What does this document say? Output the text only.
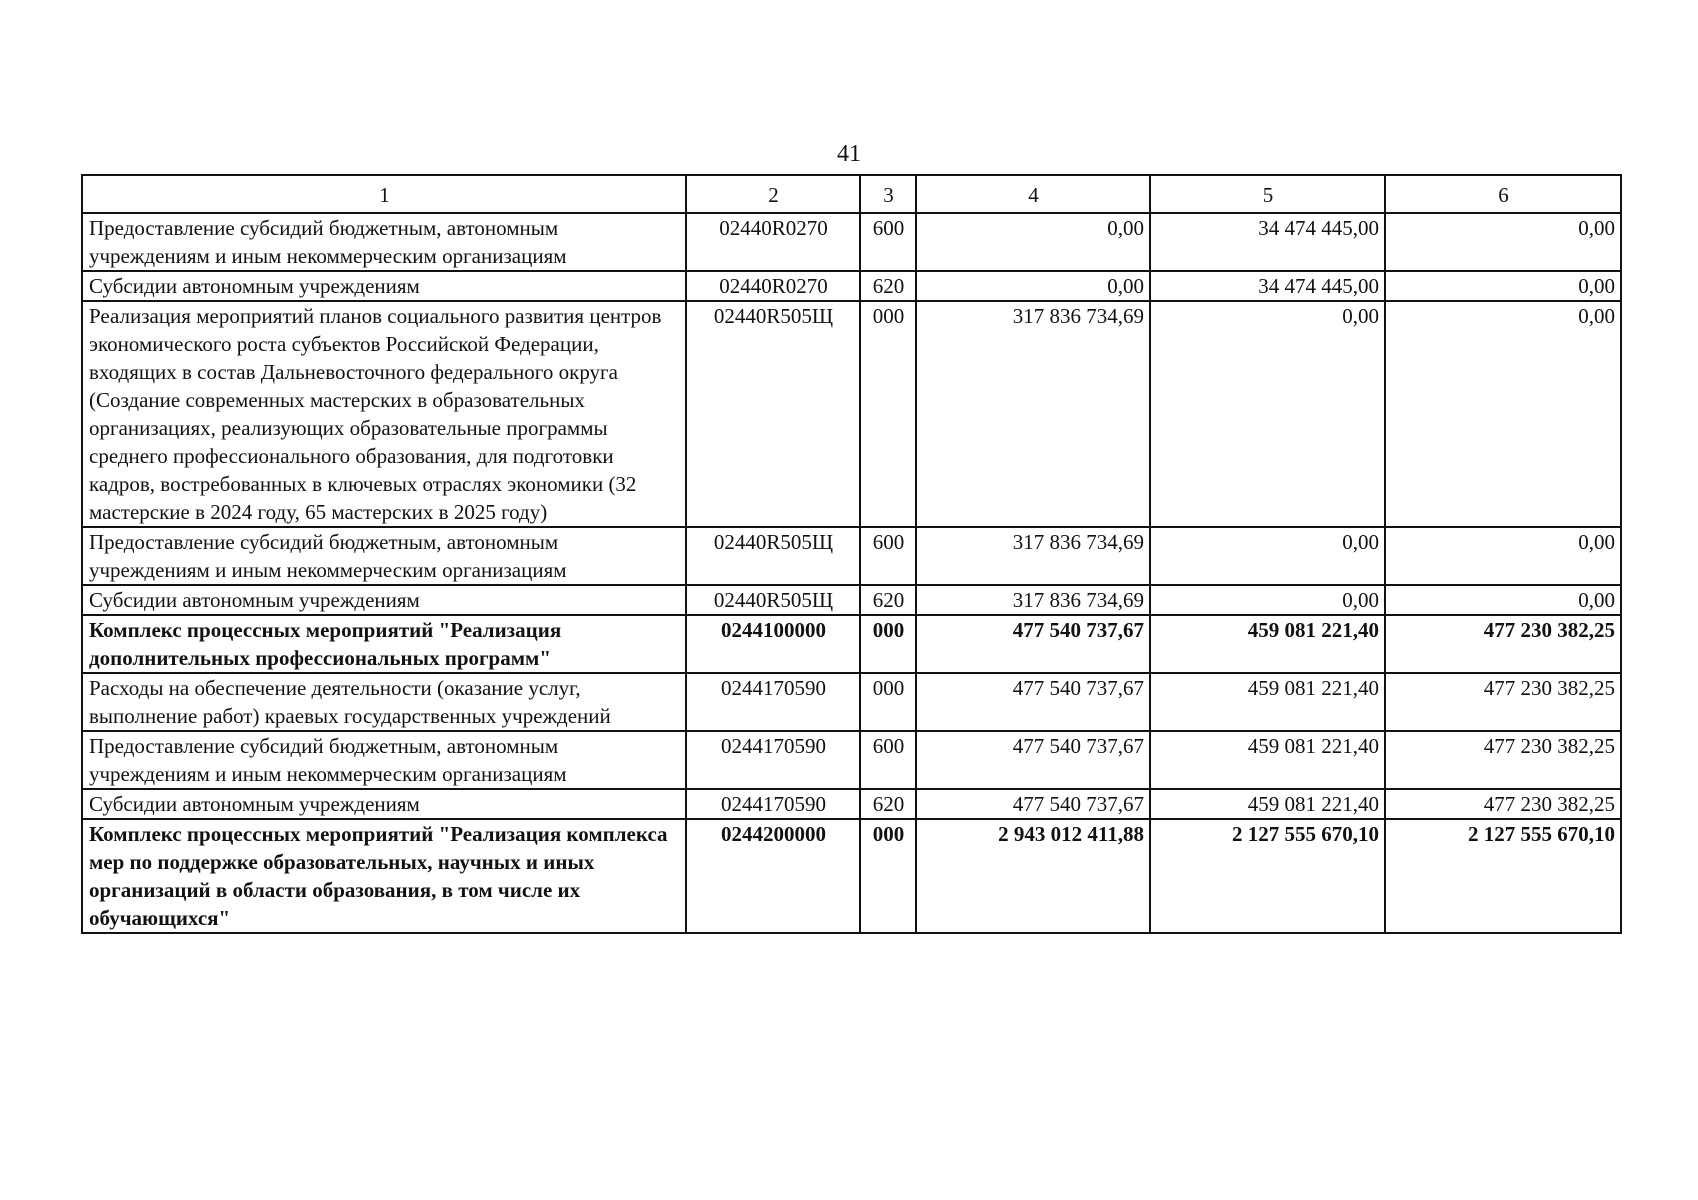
41
1	2	3	4	5	6
Предоставление субсидий бюджетным, автономным учреждениям и иным некоммерческим организациям	02440R0270	600	0,00	34 474 445,00	0,00
Субсидии автономным учреждениям	02440R0270	620	0,00	34 474 445,00	0,00
Реализация мероприятий планов социального развития центров экономического роста субъектов Российской Федерации, входящих в состав Дальневосточного федерального округа (Создание современных мастерских в образовательных организациях, реализующих образовательные программы среднего профессионального образования, для подготовки кадров, востребованных в ключевых отраслях экономики (32 мастерские в 2024 году, 65 мастерских в 2025 году)	02440R505Щ	000	317 836 734,69	0,00	0,00
Предоставление субсидий бюджетным, автономным учреждениям и иным некоммерческим организациям	02440R505Щ	600	317 836 734,69	0,00	0,00
Субсидии автономным учреждениям	02440R505Щ	620	317 836 734,69	0,00	0,00
Комплекс процессных мероприятий "Реализация дополнительных профессиональных программ"	0244100000	000	477 540 737,67	459 081 221,40	477 230 382,25
Расходы на обеспечение деятельности (оказание услуг, выполнение работ) краевых государственных учреждений	0244170590	000	477 540 737,67	459 081 221,40	477 230 382,25
Предоставление субсидий бюджетным, автономным учреждениям и иным некоммерческим организациям	0244170590	600	477 540 737,67	459 081 221,40	477 230 382,25
Субсидии автономным учреждениям	0244170590	620	477 540 737,67	459 081 221,40	477 230 382,25
Комплекс процессных мероприятий "Реализация комплекса мер по поддержке образовательных, научных и иных организаций в области образования, в том числе их обучающихся"	0244200000	000	2 943 012 411,88	2 127 555 670,10	2 127 555 670,10
